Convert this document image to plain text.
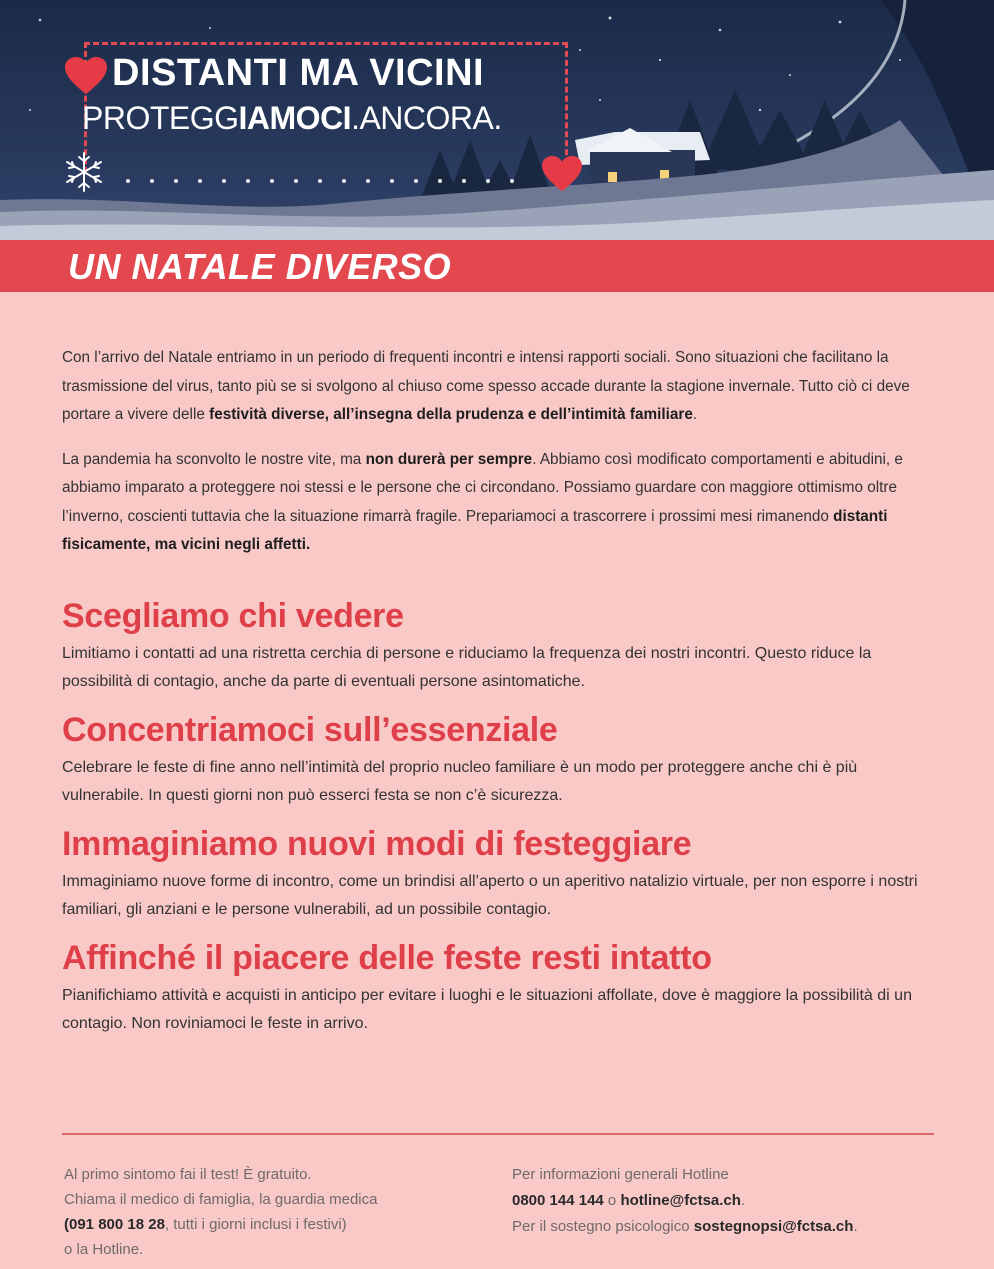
DISTANTI MA VICINI
PROTEGGIAMOCI.ANCORA.
UN NATALE DIVERSO

Con l’arrivo del Natale entriamo in un periodo di frequenti incontri e intensi rapporti sociali. Sono situazioni che facilitano la trasmissione del virus, tanto più se si svolgono al chiuso come spesso accade durante la stagione invernale. Tutto ciò ci deve portare a vivere delle festività diverse, all’insegna della prudenza e dell’intimità familiare.

La pandemia ha sconvolto le nostre vite, ma non durerà per sempre. Abbiamo così modificato comportamenti e abitudini, e abbiamo imparato a proteggere noi stessi e le persone che ci circondano. Possiamo guardare con maggiore ottimismo oltre l’inverno, coscienti tuttavia che la situazione rimarrà fragile. Prepariamoci a trascorrere i prossimi mesi rimanendo distanti fisicamente, ma vicini negli affetti.

Scegliamo chi vedere

Limitiamo i contatti ad una ristretta cerchia di persone e riduciamo la frequenza dei nostri incontri. Questo riduce la possibilità di contagio, anche da parte di eventuali persone asintomatiche.

Concentriamoci sull’essenziale

Celebrare le feste di fine anno nell’intimità del proprio nucleo familiare è un modo per proteggere anche chi è più vulnerabile. In questi giorni non può esserci festa se non c’è sicurezza.

Immaginiamo nuovi modi di festeggiare

Immaginiamo nuove forme di incontro, come un brindisi all’aperto o un aperitivo natalizio virtuale, per non esporre i nostri familiari, gli anziani e le persone vulnerabili, ad un possibile contagio.

Affinché il piacere delle feste resti intatto

Pianifichiamo attività e acquisti in anticipo per evitare i luoghi e le situazioni affollate, dove è maggiore la possibilità di un contagio. Non roviniamoci le feste in arrivo.

Al primo sintomo fai il test! È gratuito.
Chiama il medico di famiglia, la guardia medica
(091 800 18 28, tutti i giorni inclusi i festivi)
o la Hotline.
Per informazioni generali Hotline
0800 144 144 o hotline@fctsa.ch.
Per il sostegno psicologico sostegnopsi@fctsa.ch.
